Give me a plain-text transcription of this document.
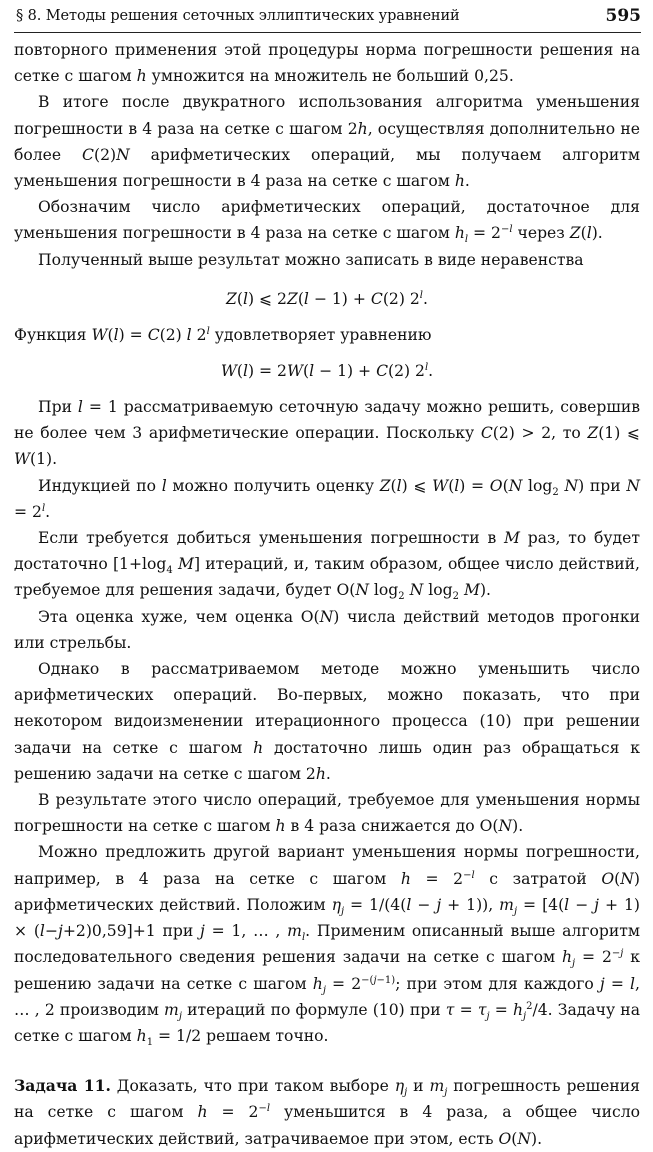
§ 8. Методы решения сеточных эллиптических уравнений	595

повторного применения этой процедуры норма погрешности решения на сетке с шагом h умножится на множитель не больший 0,25.

В итоге после двукратного использования алгоритма уменьшения погрешности в 4 раза на сетке с шагом 2h, осуществляя дополнительно не более C(2)N арифметических операций, мы получаем алгоритм уменьшения погрешности в 4 раза на сетке с шагом h.

Обозначим число арифметических операций, достаточное для уменьшения погрешности в 4 раза на сетке с шагом $h_l = 2^{-l}$ через Z(l).

Полученный выше результат можно записать в виде неравенства

Z(l) ⩽ 2Z(l − 1) + C(2) 2$^l$.

Функция W(l) = C(2) l 2$^l$ удовлетворяет уравнению

W(l) = 2W(l − 1) + C(2) 2$^l$.

При l = 1 рассматриваемую сеточную задачу можно решить, совершив не более чем 3 арифметические операции. Поскольку C(2) > 2, то Z(1) ⩽ W(1).

Индукцией по l можно получить оценку Z(l) ⩽ W(l) = O(N $\log_2 N$) при $N = 2^l$.

Если требуется добиться уменьшения погрешности в M раз, то будет достаточно [$1+\log_4$ M] итераций, и, таким образом, общее число действий, требуемое для решения задачи, будет O(N $\log_2 N$ $\log_2 M$).

Эта оценка хуже, чем оценка O(N) числа действий методов прогонки или стрельбы.

Однако в рассматриваемом методе можно уменьшить число арифметических операций. Во-первых, можно показать, что при некотором видоизменении итерационного процесса (10) при решении задачи на сетке с шагом h достаточно лишь один раз обращаться к решению задачи на сетке с шагом 2h.

В результате этого число операций, требуемое для уменьшения нормы погрешности на сетке с шагом h в 4 раза снижается до O(N).

Можно предложить другой вариант уменьшения нормы погрешности, например, в 4 раза на сетке с шагом $h = 2^{-l}$ с затратой O(N) арифметических действий. Положим $\eta_j = 1/(4(l - j + 1))$, $m_j = [4(l - j + 1) \times (l-j+2)0,59]+1$ при j = 1, … , $m_l$. Применим описанный выше алгоритм последовательного сведения решения задачи на сетке с шагом $h_j = 2^{-j}$ к решению задачи на сетке с шагом $h_j = 2^{-(j-1)}$; при этом для каждого j = l, … , 2 производим $m_j$ итераций по формуле (10) при $\tau = \tau_j = h_j^2/4$. Задачу на сетке с шагом $h_1 = 1/2$ решаем точно.

Задача 11. Доказать, что при таком выборе $\eta_j$ и $m_j$ погрешность решения на сетке с шагом $h = 2^{-l}$ уменьшится в 4 раза, а общее число арифметических действий, затрачиваемое при этом, есть O(N).
